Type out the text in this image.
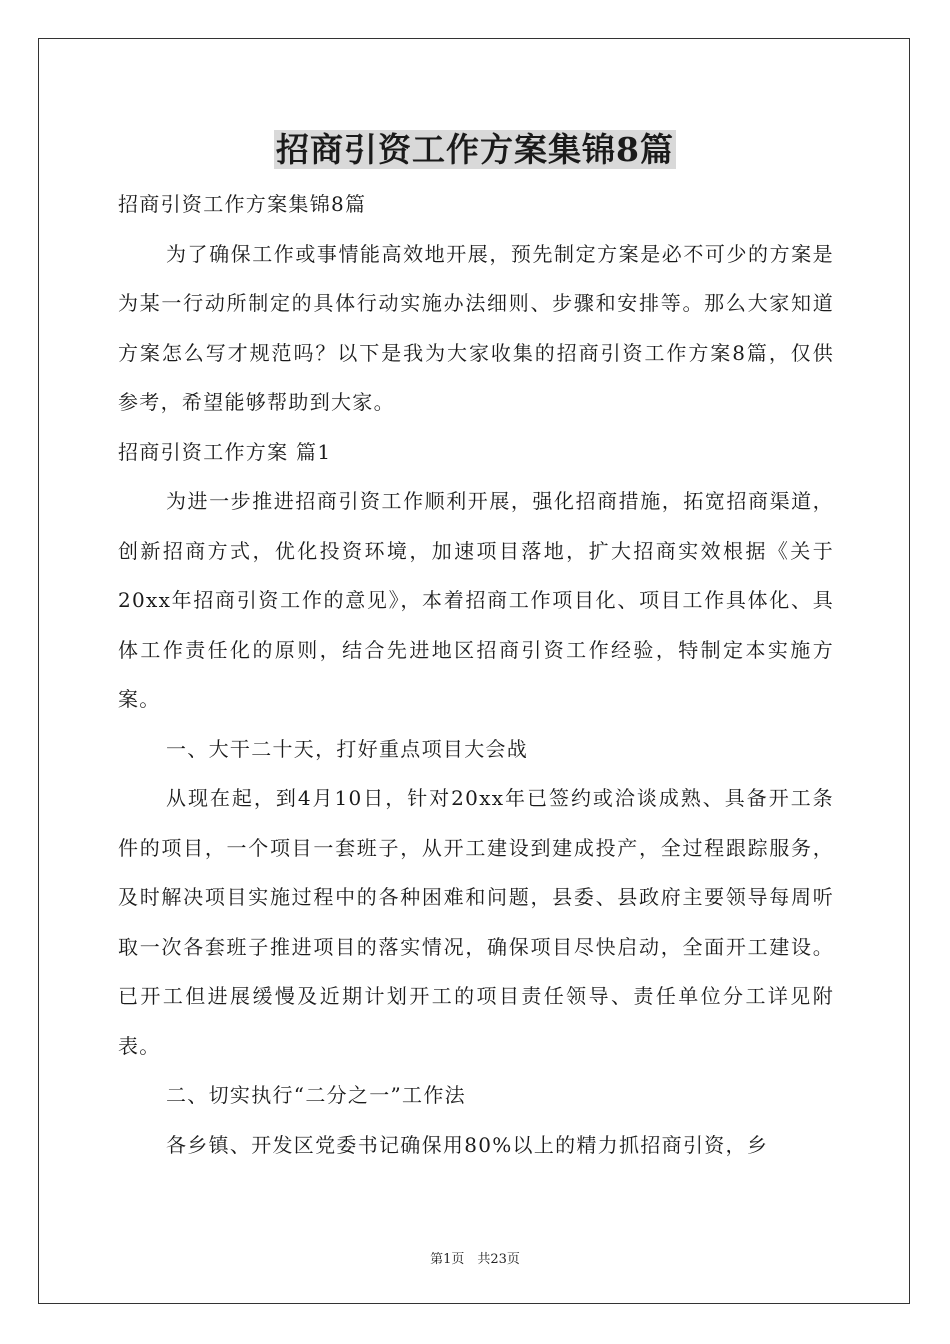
招商引资工作方案集锦8篇

招商引资工作方案集锦8篇

为了确保工作或事情能高效地开展，预先制定方案是必不可少的方案是为某一行动所制定的具体行动实施办法细则、步骤和安排等。那么大家知道方案怎么写才规范吗？以下是我为大家收集的招商引资工作方案8篇，仅供参考，希望能够帮助到大家。

招商引资工作方案 篇1

为进一步推进招商引资工作顺利开展，强化招商措施，拓宽招商渠道，创新招商方式，优化投资环境，加速项目落地，扩大招商实效根据《关于20xx年招商引资工作的意见》，本着招商工作项目化、项目工作具体化、具体工作责任化的原则，结合先进地区招商引资工作经验，特制定本实施方案。

一、大干二十天，打好重点项目大会战

从现在起，到4月10日，针对20xx年已签约或洽谈成熟、具备开工条件的项目，一个项目一套班子，从开工建设到建成投产，全过程跟踪服务，及时解决项目实施过程中的各种困难和问题，县委、县政府主要领导每周听取一次各套班子推进项目的落实情况，确保项目尽快启动，全面开工建设。已开工但进展缓慢及近期计划开工的项目责任领导、责任单位分工详见附表。

二、切实执行“二分之一”工作法

各乡镇、开发区党委书记确保用80%以上的精力抓招商引资，乡

第1页　共23页
